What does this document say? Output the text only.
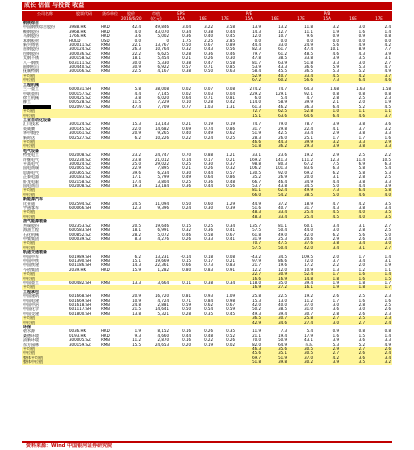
成长 估值 与投资 收益
公司名称	股票代码	货币单位	股价	市值	EPS			P/E			P/B		
			2016/6/20	(亿元)	15A	16E	17E	15A	16E	17E	15A	16E	17E
钢铁综合													
中国钢铁综合股份	3988.HK	HKD	42.4	49,846	3.04	3.22	3.58	13.9	13.2	11.8	3.2	3.0	2.4
鞍钢股份	3968.HK	HKD	4.0	43,070	0.34	0.38	0.44	14.3	12.7	11.1	1.9	1.6	1.4
马钢股份	1766.HK	HKD	3.6	5,002	0.36	0.40	0.45	12.0	10.7	9.6	0.9	0.9	0.8
本钢板材	HOLD	USD	0.0	0	1.75	2.25	2.85	0.0	0.0	0.0	0.0	0.0	0.0
新兴铸管	300011.SZ	RMB	22.1	13,767	0.50	0.67	0.89	44.4	33.0	24.9	5.6	4.9	4.2
首钢股份	300124.SZ	RMB	26.3	10,764	0.32	0.43	0.56	82.3	61.7	47.4	10.1	8.9	7.7
包钢股份	300036.SZ	RMB	22.2	6,625	0.28	0.36	0.46	79.7	61.2	48.5	4.6	4.3	3.9
太钢不锈	300158.SZ	RMB	18.1	5,454	0.21	0.26	0.30	47.8	38.5	33.8	3.9	3.5	3.1
八一钢铁	603111.SZ	RMB	30.0	5,330	0.38	0.47	0.58	81.7	63.9	51.8	3.3	3.0	2.7
韶钢松山	300440.SZ	RMB	30.9	6,922	0.57	0.71	0.85	53.9	43.3	36.6	5.9	5.3	4.7
抚顺特钢	300166.SZ	RMB	22.5	4,167	0.38	0.50	0.63	58.4	45.5	36.5	5.3	5.2	4.9
平均值								52.9	40.7	33.4	4.5	4.2	3.7
中位值								67.2	60.2	56.6	7.3	6.4	4.6
工程机械													
三一重工	600031.SH	RMB	5.8	38,008	0.02	0.07	0.08	274.2	74.7	64.3	1.68	1.63	1.58
中联重科	000157.SZ	RMB	4.4	7,145	0.02	0.03	0.04	229.2	129.1	92.1	0.8	0.8	0.8
徐工机械	000425.SZ	RMB	3.8	6,020	0.64	0.71	0.81	6.0	5.4	4.7	2.8	2.5	2.3
柳工	000528.SZ	RMB	11.5	7,229	0.10	0.28	0.42	114.0	58.9	39.9	2.1	2.0	1.9
	002097.SZ	RMB	47.4	7,709	0.77	1.03	1.31	61.3	46.2	36.3	6.4	5.2	4.5
平均值								72.7	62.5	52.8	1.0	1.1	1.1
中位值								15.1	63.6	64.6	6.4	4.6	3.7
工业自动化设备													
汇川技术	300124.SZ	RMB	15.3	13,143	0.21	0.19	0.19	74.7	79.0	78.7	3.9	3.8	3.6
英威腾	300145.SZ	RMB	22.0	14,682	0.69	0.74	0.86	31.7	29.8	22.4	4.1	3.7	3.2
华中数控	300161.SZ	RMB	20.9	9,265	0.40	0.49	0.62	51.9	42.5	33.4	2.9	3.8	3.3
新时达	002527.SZ	RMB	6.2	10,226	0.22	0.24	0.25	28.3	26.0	25.1	1.7	1.7	1.6
平均值								46.6	44.3	39.9	3.2	3.3	2.9
中位值								51.8	36.2	29.3	3.9	3.8	3.3
电气设备													
特变电工	002008.SZ	RMB	23.2	24,747	0.70	0.88	1.21	33.1	23.6	19.2	2.9	2.5	2.2
许继电气	002230.SZ	RMB	23.8	21,012	0.14	0.17	0.21	169.2	141.3	111.2	12.3	11.4	10.5
平高电气	300024.SZ	RMB	25.0	29,022	0.25	0.30	0.37	98.8	80.3	67.2	7.5	6.9	6.3
国电南瑞	002065.SZ	RMB	22.9	7,895	0.21	0.26	0.32	106.2	101.3	83.6	6.3	5.8	5.4
思源电气	300365.SZ	RMB	39.6	6,234	0.30	0.44	0.57	130.5	92.0	69.2	6.2	5.8	5.3
正泰电器	300183.SZ	RMB	17.1	5,799	0.49	0.64	0.86	35.2	26.9	20.0	3.1	2.8	2.5
卧龙电驱	002158.SZ	RMB	17.4	3,804	0.25	0.36	0.48	66.7	46.4	34.9	4.4	3.8	3.3
国电南自	002008.SZ	RMB	19.3	13,184	0.36	0.44	0.56	53.7	43.8	34.5	5.0	4.4	3.9
平均值								81.1	62.4	49.9	7.3	6.4	5.8
中位值								66.0	54.2	38.5	5.0	4.6	4.0
新能源汽车													
比亚迪	002594.SZ	RMB	24.5	11,094	0.50	0.60	1.29	44.9	37.2	18.9	4.7	4.2	3.5
宇通客车	600066.SH	RMB	12.3	9,396	0.24	0.30	0.39	51.6	40.7	31.7	4.3	3.8	3.4
平均值								48.3	33.4	25.4	4.5	4.0	3.5
中位值								48.3	33.4	25.4	4.5	4.0	3.5
油气能源装备													
杰瑞股份	002353.SZ	RMB	20.5	19,646	0.15	0.25	0.34	135.7	81.1	60.1	3.4	3.1	2.7
海油工程	600583.SH	RMB	18.1	6,991	0.32	0.36	0.41	57.5	50.4	44.0	3.0	2.8	2.5
石化机械	000852.SZ	RMB	28.2	5,072	0.46	0.58	0.67	61.8	49.0	42.0	6.2	5.6	5.0
中集集团	000039.SZ	RMB	8.3	4,276	0.26	0.33	0.41	31.9	25.3	20.6	2.9	2.6	2.4
平均值								70.7	47.5	37.6	3.8	3.4	3.0
中位值								57.5	50.4	42.0	3.4	3.1	2.7
轨道交通装备													
中国中车	601989.SH	RMB	6.2	13,231	-0.14	0.18	0.08	-43.2	34.5	109.5	2.0	1.7	1.4
中国中铁	601390.SH	RMB	15.1	19,669	0.15	0.17	0.21	97.9	86.6	72.0	3.7	3.4	3.1
中国铁建	601186.SH	RMB	14.3	22,361	0.66	0.73	0.83	21.7	19.6	17.2	2.2	2.0	1.9
今创集团	2039.HK	HKD	15.9	1,282	0.80	0.83	0.91	12.2	12.0	10.9	1.3	1.2	1.1
平均值								22.7	30.9	52.4	1.7	1.6	1.4
中位值								16.6	16.9	14.8	1.8	1.6	1.5
中国重工	600482.SH	RMB	13.3	3,664	0.11	0.38	0.34	118.0	35.0	39.4	1.9	1.8	1.7
平均值								16.9	27.2	16.1	1.9	1.8	1.7
工程承包													
中国建筑	601668.SH	RMB	20.9	16,720	0.81	0.93	1.09	25.8	22.5	19.2	2.6	2.5	2.3
中国电建	601669.SH	RMB	10.9	4,724	0.71	0.84	0.98	15.3	13.0	11.2	1.7	1.6	1.6
中国中冶	601618.SH	RMB	24.8	2,881	0.59	0.62	0.67	42.0	40.0	37.0	3.0	2.8	2.5
中国化学	601117.SH	RMB	21.5	14,641	0.50	0.54	0.59	50.2	38.5	31.0	3.6	3.0	2.6
中国交建	601800.SH	RMB	13.8	5,321	0.28	0.35	0.45	49.3	39.4	30.7	2.8	2.6	2.3
平均值								36.5	30.7	25.8	2.7	2.5	2.3
中位值								42.9	34.6	27.4	3.0	2.7	2.4
环保													
碧水源	0036.HK	HKD	1.9	8,152	0.16	0.26	0.35	11.9	7.3	5.4	0.9	0.8	0.8
桑德环境	0193.HK	HKD	9.3	4,660	0.44	0.48	0.52	21.1	19.4	17.9	1.6	1.5	1.4
清新环境	300005.SZ	RMB	11.2	2,870	0.16	0.22	0.26	70.0	50.9	43.1	3.9	3.6	3.3
东方园林	300159.SZ	RMB	15.5	24,653	0.20	0.19	0.02	82.0	64.9	n.a.	5.3	5.2	4.9
平均值								46.3	35.6	30.5	2.9	2.7	2.6
中位值								45.6	35.1	30.5	2.7	2.6	2.4
整体平均值								69.7	51.9	37.0	4.2	3.6	3.4
整体中位值								51.8	39.8	30.2	3.9	3.5	3.2
资料来源：Wind 中国银河证券研究院
